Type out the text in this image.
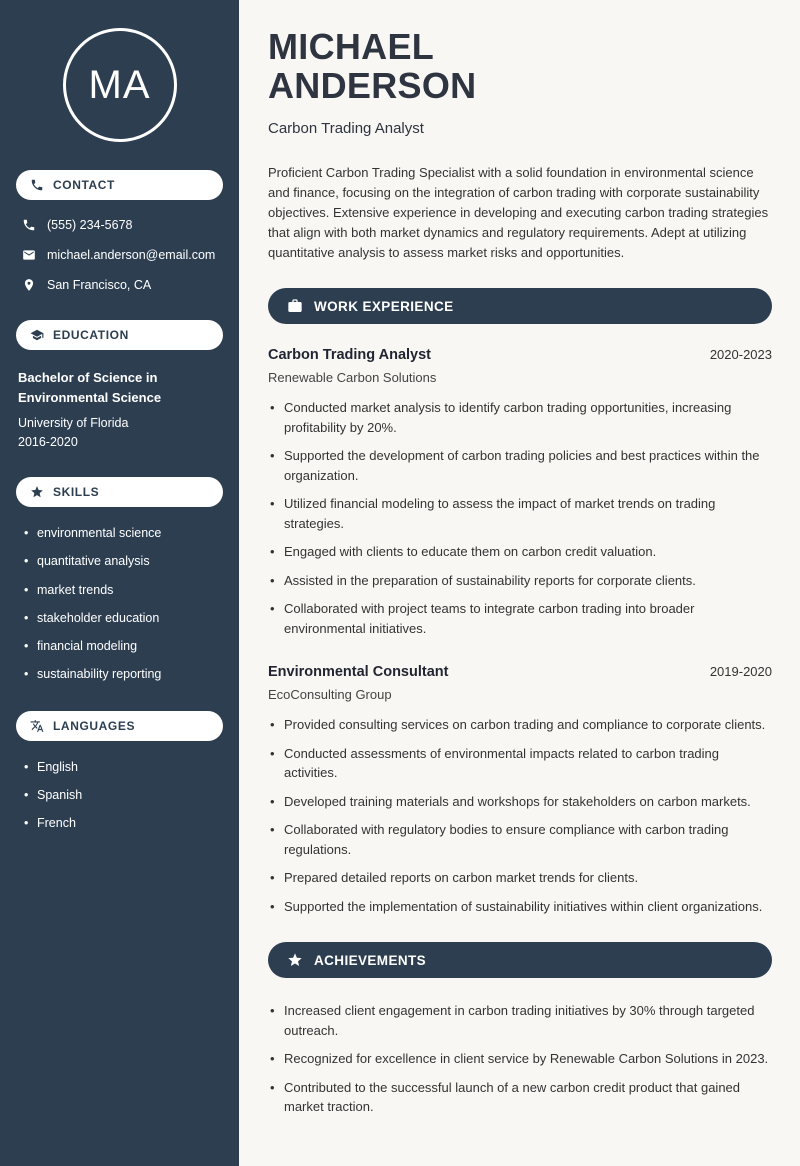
MA
CONTACT
(555) 234-5678
michael.anderson@email.com
San Francisco, CA
EDUCATION
Bachelor of Science in Environmental Science
University of Florida
2016-2020
SKILLS
• environmental science
• quantitative analysis
• market trends
• stakeholder education
• financial modeling
• sustainability reporting
LANGUAGES
• English
• Spanish
• French
MICHAEL
ANDERSON
Carbon Trading Analyst

Proficient Carbon Trading Specialist with a solid foundation in environmental science and finance, focusing on the integration of carbon trading with corporate sustainability objectives. Extensive experience in developing and executing carbon trading strategies that align with both market dynamics and regulatory requirements. Adept at utilizing quantitative analysis to assess market risks and opportunities.

WORK EXPERIENCE
Carbon Trading Analyst	2020-2023
Renewable Carbon Solutions
• Conducted market analysis to identify carbon trading opportunities, increasing profitability by 20%.
• Supported the development of carbon trading policies and best practices within the organization.
• Utilized financial modeling to assess the impact of market trends on trading strategies.
• Engaged with clients to educate them on carbon credit valuation.
• Assisted in the preparation of sustainability reports for corporate clients.
• Collaborated with project teams to integrate carbon trading into broader environmental initiatives.
Environmental Consultant	2019-2020
EcoConsulting Group
• Provided consulting services on carbon trading and compliance to corporate clients.
• Conducted assessments of environmental impacts related to carbon trading activities.
• Developed training materials and workshops for stakeholders on carbon markets.
• Collaborated with regulatory bodies to ensure compliance with carbon trading regulations.
• Prepared detailed reports on carbon market trends for clients.
• Supported the implementation of sustainability initiatives within client organizations.
ACHIEVEMENTS
• Increased client engagement in carbon trading initiatives by 30% through targeted outreach.
• Recognized for excellence in client service by Renewable Carbon Solutions in 2023.
• Contributed to the successful launch of a new carbon credit product that gained market traction.
